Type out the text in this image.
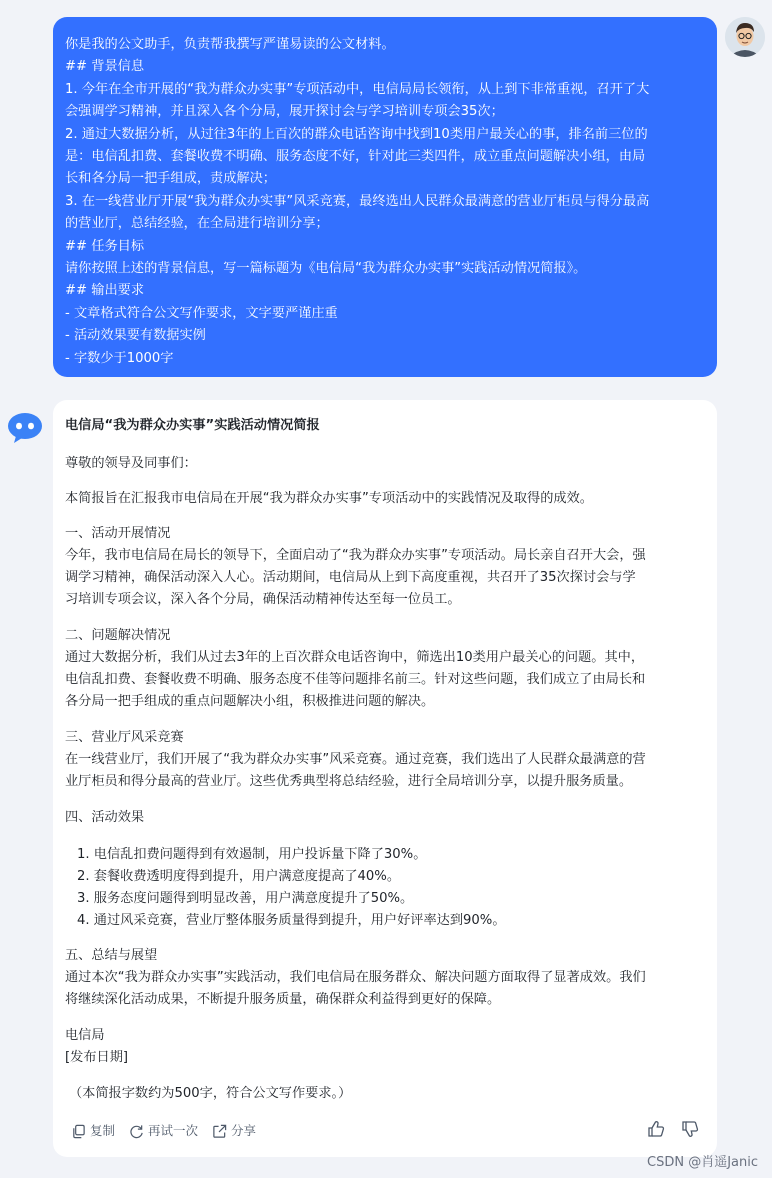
你是我的公文助手，负责帮我撰写严谨易读的公文材料。
## 背景信息
1. 今年在全市开展的“我为群众办实事”专项活动中，电信局局长领衔，从上到下非常重视，召开了大
会强调学习精神，并且深入各个分局，展开探讨会与学习培训专项会35次；
2. 通过大数据分析，从过往3年的上百次的群众电话咨询中找到10类用户最关心的事，排名前三位的
是：电信乱扣费、套餐收费不明确、服务态度不好，针对此三类四件，成立重点问题解决小组，由局
长和各分局一把手组成，责成解决；
3. 在一线营业厅开展“我为群众办实事”风采竞赛，最终选出人民群众最满意的营业厅柜员与得分最高
的营业厅，总结经验，在全局进行培训分享；
## 任务目标
请你按照上述的背景信息，写一篇标题为《电信局“我为群众办实事”实践活动情况简报》。
## 输出要求
- 文章格式符合公文写作要求，文字要严谨庄重
- 活动效果要有数据实例
- 字数少于1000字

电信局“我为群众办实事”实践活动情况简报

尊敬的领导及同事们：

本简报旨在汇报我市电信局在开展“我为群众办实事”专项活动中的实践情况及取得的成效。

一、活动开展情况

今年，我市电信局在局长的领导下，全面启动了“我为群众办实事”专项活动。局长亲自召开大会，强

调学习精神，确保活动深入人心。活动期间，电信局从上到下高度重视，共召开了35次探讨会与学

习培训专项会议，深入各个分局，确保活动精神传达至每一位员工。

二、问题解决情况

通过大数据分析，我们从过去3年的上百次群众电话咨询中，筛选出10类用户最关心的问题。其中，

电信乱扣费、套餐收费不明确、服务态度不佳等问题排名前三。针对这些问题，我们成立了由局长和

各分局一把手组成的重点问题解决小组，积极推进问题的解决。

三、营业厅风采竞赛

在一线营业厅，我们开展了“我为群众办实事”风采竞赛。通过竞赛，我们选出了人民群众最满意的营

业厅柜员和得分最高的营业厅。这些优秀典型将总结经验，进行全局培训分享，以提升服务质量。

四、活动效果

1. 电信乱扣费问题得到有效遏制，用户投诉量下降了30%。

2. 套餐收费透明度得到提升，用户满意度提高了40%。

3. 服务态度问题得到明显改善，用户满意度提升了50%。

4. 通过风采竞赛，营业厅整体服务质量得到提升，用户好评率达到90%。

五、总结与展望

通过本次“我为群众办实事”实践活动，我们电信局在服务群众、解决问题方面取得了显著成效。我们

将继续深化活动成果，不断提升服务质量，确保群众利益得到更好的保障。

电信局

[发布日期]

（本简报字数约为500字，符合公文写作要求。）

复制	再试一次	分享
CSDN @肖遥Janic
